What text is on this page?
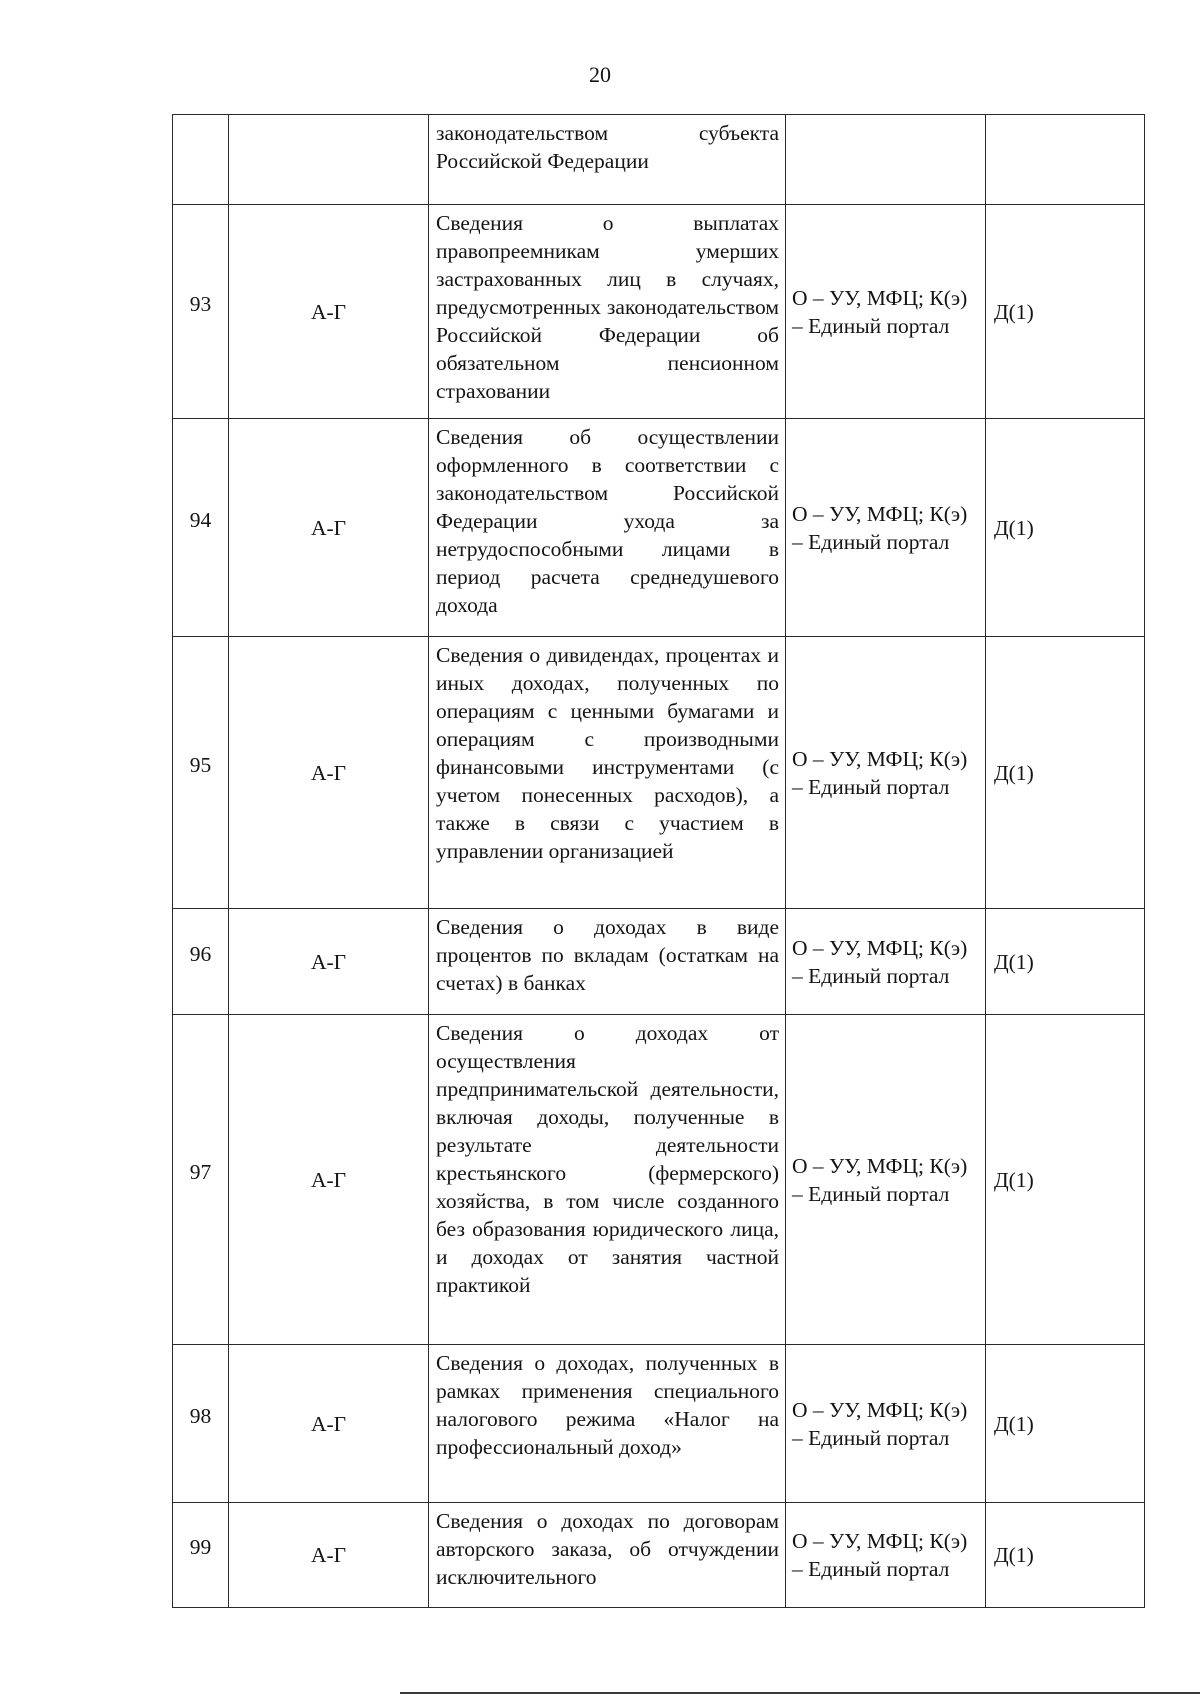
20
		законодательством субъекта Российской Федерации		
93	А-Г	Сведения о выплатах правопреемникам умерших застрахованных лиц в случаях, предусмотренных законодательством Российской Федерации об обязательном пенсионном страховании	О – УУ, МФЦ; К(э) – Единый портал	Д(1)
94	А-Г	Сведения об осуществлении оформленного в соответствии с законодательством Российской Федерации ухода за нетрудоспособными лицами в период расчета среднедушевого дохода	О – УУ, МФЦ; К(э) – Единый портал	Д(1)
95	А-Г	Сведения о дивидендах, процентах и иных доходах, полученных по операциям с ценными бумагами и операциям с производными финансовыми инструментами (с учетом понесенных расходов), а также в связи с участием в управлении организацией	О – УУ, МФЦ; К(э) – Единый портал	Д(1)
96	А-Г	Сведения о доходах в виде процентов по вкладам (остаткам на счетах) в банках	О – УУ, МФЦ; К(э) – Единый портал	Д(1)
97	А-Г	Сведения о доходах от осуществления предпринимательской деятельности, включая доходы, полученные в результате деятельности крестьянского (фермерского) хозяйства, в том числе созданного без образования юридического лица, и доходах от занятия частной практикой	О – УУ, МФЦ; К(э) – Единый портал	Д(1)
98	А-Г	Сведения о доходах, полученных в рамках применения специального налогового режима «Налог на профессиональный доход»	О – УУ, МФЦ; К(э) – Единый портал	Д(1)
99	А-Г	Сведения о доходах по договорам авторского заказа, об отчуждении исключительного	О – УУ, МФЦ; К(э) – Единый портал	Д(1)
